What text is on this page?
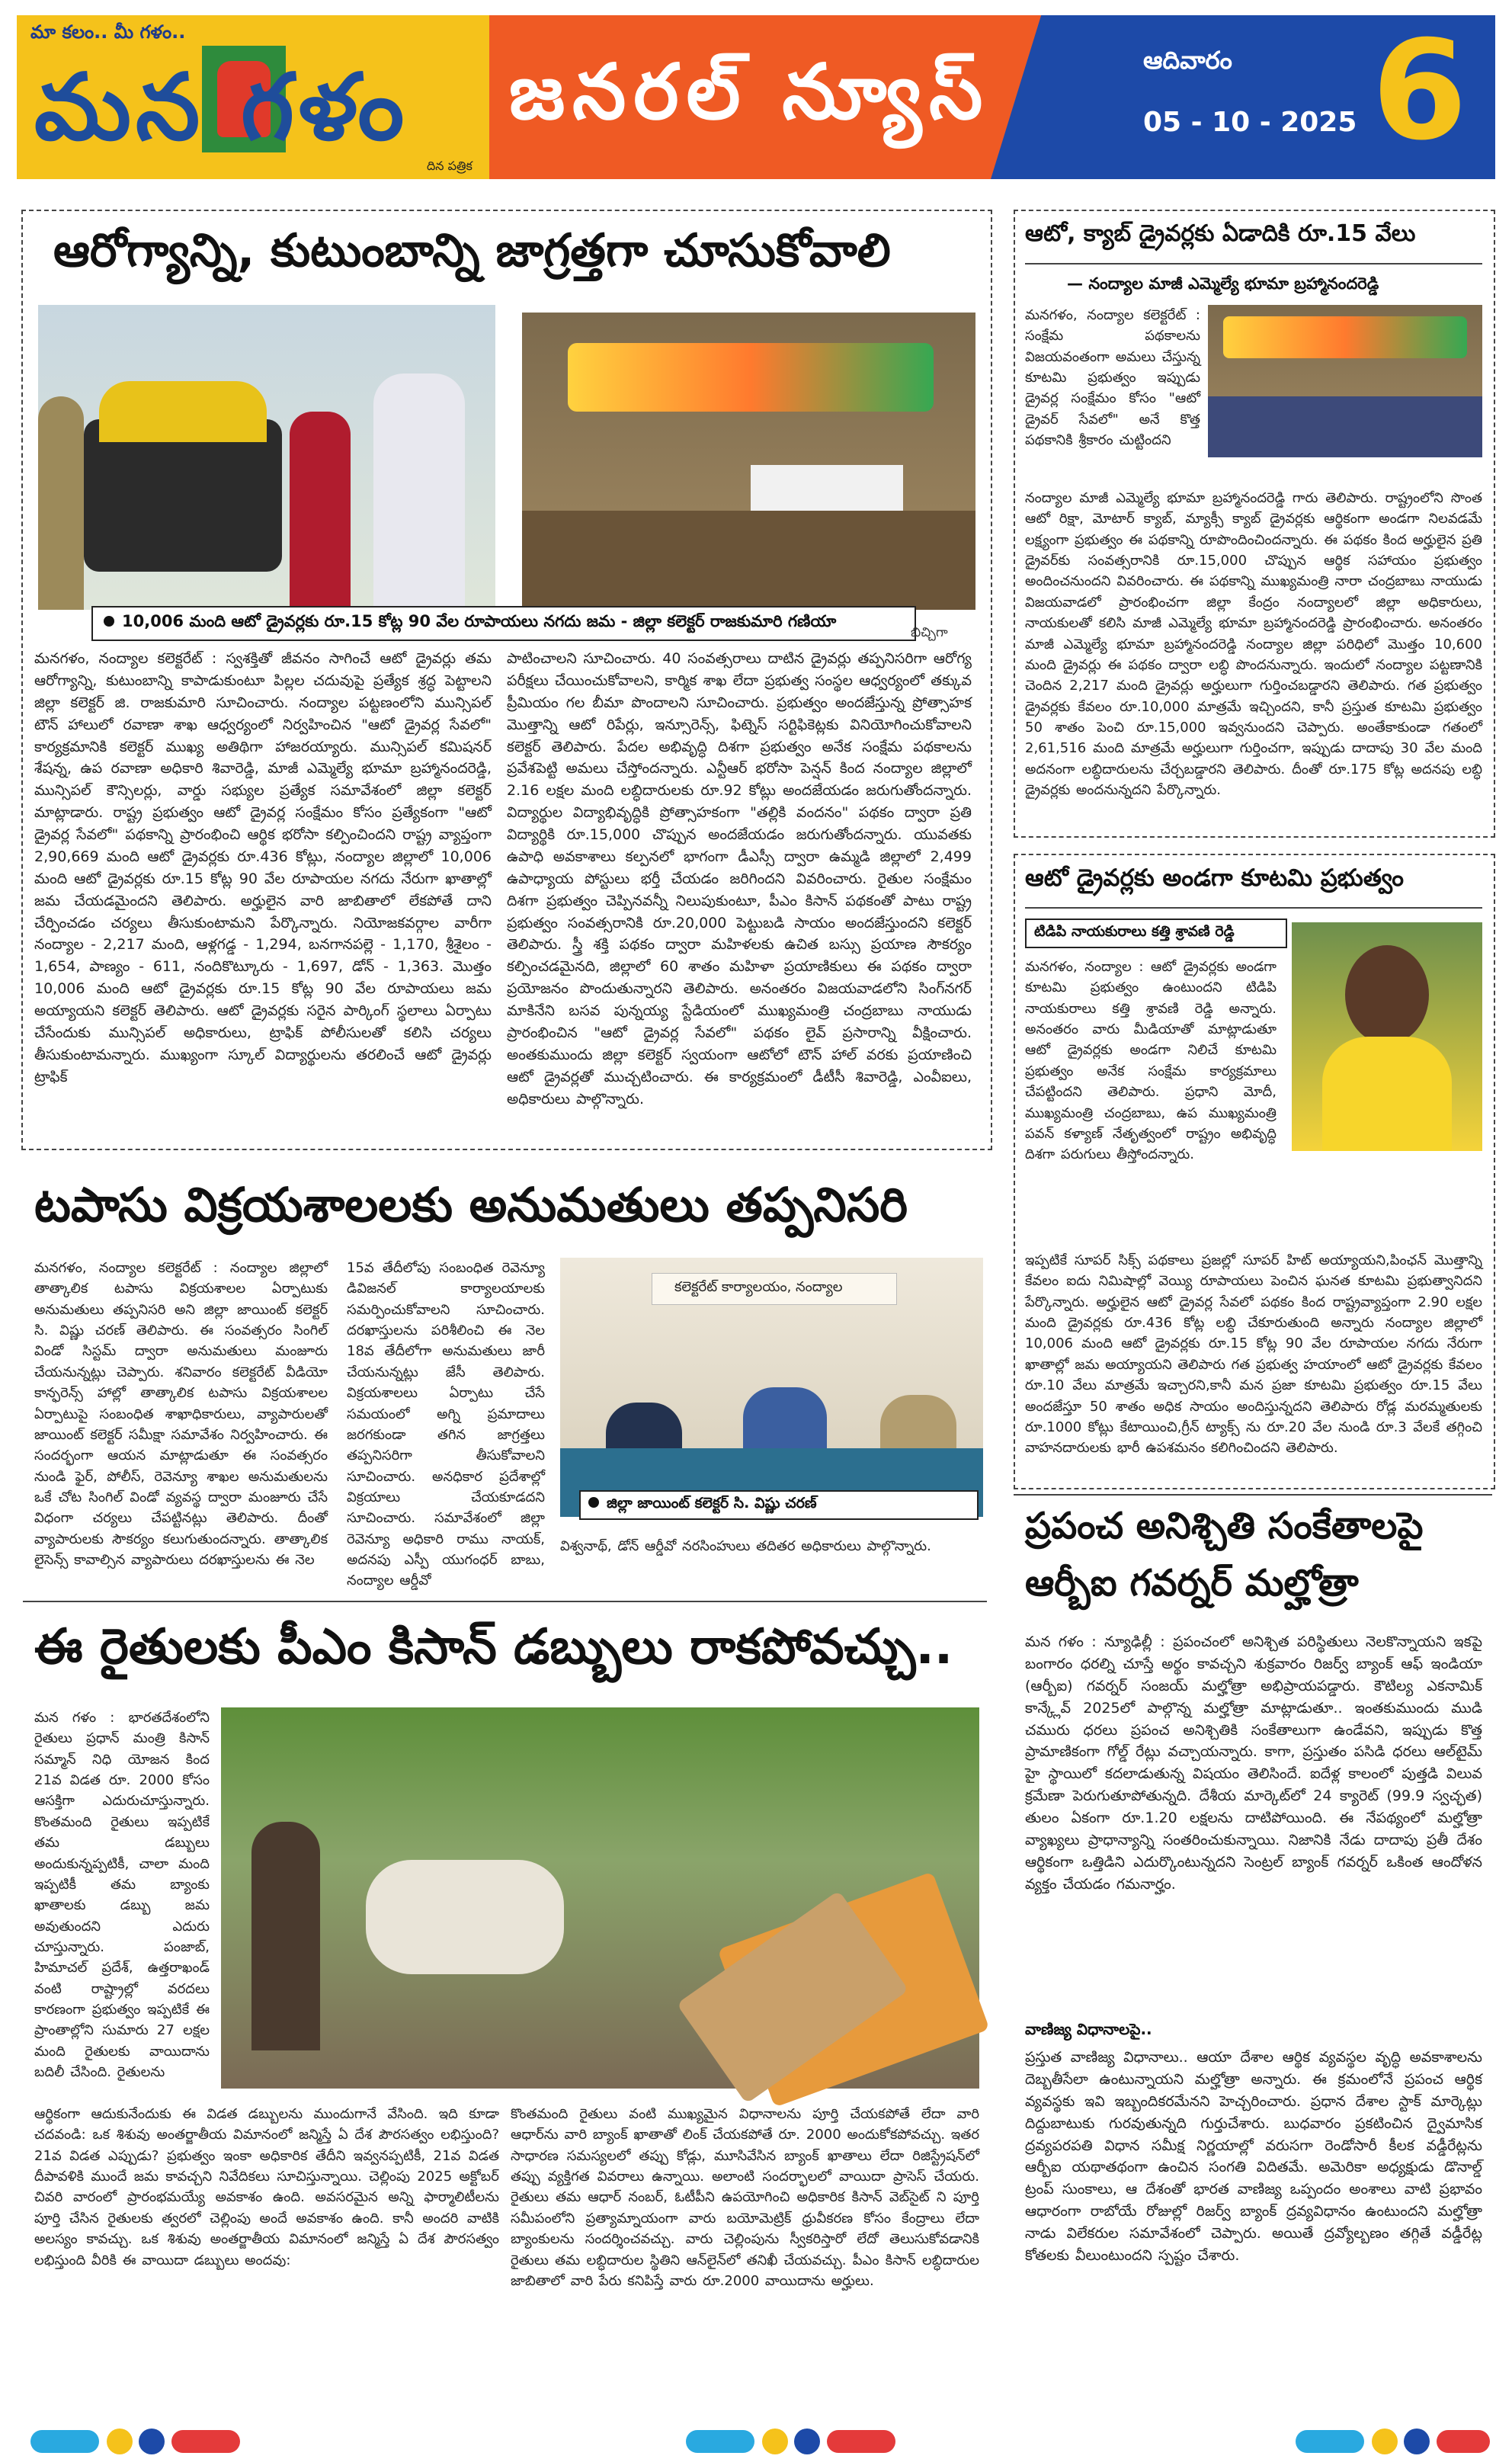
మా కలం.. మీ గళం..
మన గళం
దిన పత్రిక
జనరల్ న్యూస్	ఆదివారం
05 - 10 - 2025 6
ఆరోగ్యాన్ని, కుటుంబాన్ని జాగ్రత్తగా చూసుకోవాలి
10,006 మంది ఆటో డ్రైవర్లకు రూ.15 కోట్ల 90 వేల రూపాయలు నగదు జమ - జిల్లా కలెక్టర్ రాజకుమారి గణియా
బిచ్చిగా
మనగళం, నంద్యాల కలెక్టరేట్ : స్వశక్తితో జీవనం సాగించే ఆటో డ్రైవర్లు తమ ఆరోగ్యాన్ని, కుటుంబాన్ని కాపాడుకుంటూ పిల్లల చదువుపై ప్రత్యేక శ్రద్ధ పెట్టాలని జిల్లా కలెక్టర్ జి. రాజకుమారి సూచించారు. నంద్యాల పట్టణంలోని మున్సిపల్ టౌన్ హాలులో రవాణా శాఖ ఆధ్వర్యంలో నిర్వహించిన "ఆటో డ్రైవర్ల సేవలో" కార్యక్రమానికి కలెక్టర్ ముఖ్య అతిథిగా హాజరయ్యారు. మున్సిపల్ కమిషనర్ శేషన్న, ఉప రవాణా అధికారి శివారెడ్డి, మాజీ ఎమ్మెల్యే భూమా బ్రహ్మానందరెడ్డి, మున్సిపల్ కౌన్సిలర్లు, వార్డు సభ్యుల ప్రత్యేక సమావేశంలో జిల్లా కలెక్టర్ మాట్లాడారు. రాష్ట్ర ప్రభుత్వం ఆటో డ్రైవర్ల సంక్షేమం కోసం ప్రత్యేకంగా "ఆటో డ్రైవర్ల సేవలో" పథకాన్ని ప్రారంభించి ఆర్థిక భరోసా కల్పించిందని రాష్ట్ర వ్యాప్తంగా 2,90,669 మంది ఆటో డ్రైవర్లకు రూ.436 కోట్లు, నంద్యాల జిల్లాలో 10,006 మంది ఆటో డ్రైవర్లకు రూ.15 కోట్ల 90 వేల రూపాయల నగదు నేరుగా ఖాతాల్లో జమ చేయడమైందని తెలిపారు. అర్హులైన వారి జాబితాలో లేకపోతే దాని చేర్పించడం చర్యలు తీసుకుంటామని పేర్కొన్నారు. నియోజకవర్గాల వారీగా నంద్యాల - 2,217 మంది, ఆళ్లగడ్డ - 1,294, బనగానపల్లె - 1,170, శ్రీశైలం - 1,654, పాణ్యం - 611, నందికొట్కూరు - 1,697, డోన్ - 1,363. మొత్తం 10,006 మంది ఆటో డ్రైవర్లకు రూ.15 కోట్ల 90 వేల రూపాయలు జమ అయ్యాయని కలెక్టర్ తెలిపారు. ఆటో డ్రైవర్లకు సరైన పార్కింగ్ స్థలాలు ఏర్పాటు చేసేందుకు మున్సిపల్ అధికారులు, ట్రాఫిక్ పోలీసులతో కలిసి చర్యలు తీసుకుంటామన్నారు. ముఖ్యంగా స్కూల్ విద్యార్థులను తరలించే ఆటో డ్రైవర్లు ట్రాఫిక్
పాటించాలని సూచించారు. 40 సంవత్సరాలు దాటిన డ్రైవర్లు తప్పనిసరిగా ఆరోగ్య పరీక్షలు చేయించుకోవాలని, కార్మిక శాఖ లేదా ప్రభుత్వ సంస్థల ఆధ్వర్యంలో తక్కువ ప్రీమియం గల బీమా పొందాలని సూచించారు. ప్రభుత్వం అందజేస్తున్న ప్రోత్సాహక మొత్తాన్ని ఆటో రిపేర్లు, ఇన్సూరెన్స్, ఫిట్నెస్ సర్టిఫికెట్లకు వినియోగించుకోవాలని కలెక్టర్ తెలిపారు. పేదల అభివృద్ధి దిశగా ప్రభుత్వం అనేక సంక్షేమ పథకాలను ప్రవేశపెట్టి అమలు చేస్తోందన్నారు. ఎన్టీఆర్ భరోసా పెన్షన్ కింద నంద్యాల జిల్లాలో 2.16 లక్షల మంది లబ్ధిదారులకు రూ.92 కోట్లు అందజేయడం జరుగుతోందన్నారు. విద్యార్థుల విద్యాభివృద్ధికి ప్రోత్సాహకంగా "తల్లికి వందనం" పథకం ద్వారా ప్రతి విద్యార్థికి రూ.15,000 చొప్పున అందజేయడం జరుగుతోందన్నారు. యువతకు ఉపాధి అవకాశాలు కల్పనలో భాగంగా డీఎస్సీ ద్వారా ఉమ్మడి జిల్లాలో 2,499 ఉపాధ్యాయ పోస్టులు భర్తీ చేయడం జరిగిందని వివరించారు. రైతుల సంక్షేమం దిశగా ప్రభుత్వం చెప్పినవన్నీ నిలుపుకుంటూ, పీఎం కిసాన్ పథకంతో పాటు రాష్ట్ర ప్రభుత్వం సంవత్సరానికి రూ.20,000 పెట్టుబడి సాయం అందజేస్తుందని కలెక్టర్ తెలిపారు. స్త్రీ శక్తి పథకం ద్వారా మహిళలకు ఉచిత బస్సు ప్రయాణ సౌకర్యం కల్పించడమైనది, జిల్లాలో 60 శాతం మహిళా ప్రయాణికులు ఈ పథకం ద్వారా ప్రయోజనం పొందుతున్నారని తెలిపారు. అనంతరం విజయవాడలోని సింగ్‌నగర్ మాకినేని బసవ పున్నయ్య స్టేడియంలో ముఖ్యమంత్రి చంద్రబాబు నాయుడు ప్రారంభించిన "ఆటో డ్రైవర్ల సేవలో" పథకం లైవ్ ప్రసారాన్ని వీక్షించారు. అంతకుముందు జిల్లా కలెక్టర్ స్వయంగా ఆటోలో టౌన్ హాల్ వరకు ప్రయాణించి ఆటో డ్రైవర్లతో ముచ్చటించారు. ఈ కార్యక్రమంలో డీటీసీ శివారెడ్డి, ఎంవీఐలు, అధికారులు పాల్గొన్నారు.
ఆటో, క్యాబ్ డ్రైవర్లకు ఏడాదికి రూ.15 వేలు
— నంద్యాల మాజీ ఎమ్మెల్యే భూమా బ్రహ్మానందరెడ్డి
మనగళం, నంద్యాల కలెక్టరేట్ : సంక్షేమ పథకాలను విజయవంతంగా అమలు చేస్తున్న కూటమి ప్రభుత్వం ఇప్పుడు డ్రైవర్ల సంక్షేమం కోసం "ఆటో డ్రైవర్ సేవలో" అనే కొత్త పథకానికి శ్రీకారం చుట్టిందని
నంద్యాల మాజీ ఎమ్మెల్యే భూమా బ్రహ్మానందరెడ్డి గారు తెలిపారు. రాష్ట్రంలోని సొంత ఆటో రిక్షా, మోటార్ క్యాబ్, మ్యాక్సీ క్యాబ్ డ్రైవర్లకు ఆర్థికంగా అండగా నిలవడమే లక్ష్యంగా ప్రభుత్వం ఈ పథకాన్ని రూపొందించిందన్నారు. ఈ పథకం కింద అర్హులైన ప్రతి డ్రైవర్‌కు సంవత్సరానికి రూ.15,000 చొప్పున ఆర్థిక సహాయం ప్రభుత్వం అందించనుందని వివరించారు. ఈ పథకాన్ని ముఖ్యమంత్రి నారా చంద్రబాబు నాయుడు విజయవాడలో ప్రారంభించగా జిల్లా కేంద్రం నంద్యాలలో జిల్లా అధికారులు, నాయకులతో కలిసి మాజీ ఎమ్మెల్యే భూమా బ్రహ్మానందరెడ్డి ప్రారంభించారు. అనంతరం మాజీ ఎమ్మెల్యే భూమా బ్రహ్మానందరెడ్డి నంద్యాల జిల్లా పరిధిలో మొత్తం 10,600 మంది డ్రైవర్లు ఈ పథకం ద్వారా లబ్ధి పొందనున్నారు. ఇందులో నంద్యాల పట్టణానికి చెందిన 2,217 మంది డ్రైవర్లు అర్హులుగా గుర్తించబడ్డారని తెలిపారు. గత ప్రభుత్వం డ్రైవర్లకు కేవలం రూ.10,000 మాత్రమే ఇచ్చిందని, కానీ ప్రస్తుత కూటమి ప్రభుత్వం 50 శాతం పెంచి రూ.15,000 ఇవ్వనుందని చెప్పారు. అంతేకాకుండా గతంలో 2,61,516 మంది మాత్రమే అర్హులుగా గుర్తించగా, ఇప్పుడు దాదాపు 30 వేల మంది అదనంగా లబ్ధిదారులను చేర్చబడ్డారని తెలిపారు. దీంతో రూ.175 కోట్ల అదనపు లబ్ధి డ్రైవర్లకు అందనున్నదని పేర్కొన్నారు.
ఆటో డ్రైవర్లకు అండగా కూటమి ప్రభుత్వం
టిడిపి నాయకురాలు కత్తి శ్రావణి రెడ్డి
మనగళం, నంద్యాల : ఆటో డ్రైవర్లకు అండగా కూటమి ప్రభుత్వం ఉంటుందని టిడిపి నాయకురాలు కత్తి శ్రావణి రెడ్డి అన్నారు. అనంతరం వారు మీడియాతో మాట్లాడుతూ ఆటో డ్రైవర్లకు అండగా నిలిచే కూటమి ప్రభుత్వం అనేక సంక్షేమ కార్యక్రమాలు చేపట్టిందని తెలిపారు. ప్రధాని మోదీ, ముఖ్యమంత్రి చంద్రబాబు, ఉప ముఖ్యమంత్రి పవన్ కళ్యాణ్ నేతృత్వంలో రాష్ట్రం అభివృద్ధి దిశగా పరుగులు తీస్తోందన్నారు.
ఇప్పటికే సూపర్ సిక్స్ పథకాలు ప్రజల్లో సూపర్ హిట్ అయ్యాయని,పింఛన్ మొత్తాన్ని కేవలం ఐదు నిమిషాల్లో వెయ్యి రూపాయలు పెంచిన ఘనత కూటమి ప్రభుత్వానిదని పేర్కొన్నారు. అర్హులైన ఆటో డ్రైవర్ల సేవలో పథకం కింద రాష్ట్రవ్యాప్తంగా 2.90 లక్షల మంది డ్రైవర్లకు రూ.436 కోట్ల లబ్ధి చేకూరుతుంది అన్నారు నంద్యాల జిల్లాలో 10,006 మంది ఆటో డ్రైవర్లకు రూ.15 కోట్ల 90 వేల రూపాయల నగదు నేరుగా ఖాతాల్లో జమ అయ్యాయని తెలిపారు గత ప్రభుత్వ హయాంలో ఆటో డ్రైవర్లకు కేవలం రూ.10 వేలు మాత్రమే ఇచ్చారని,కానీ మన ప్రజా కూటమి ప్రభుత్వం రూ.15 వేలు అందజేస్తూ 50 శాతం అధిక సాయం అందిస్తున్నదని తెలిపారు రోడ్ల మరమ్మతులకు రూ.1000 కోట్లు కేటాయించి,గ్రీన్ ట్యాక్స్ ను రూ.20 వేల నుండి రూ.3 వేలకే తగ్గించి వాహనదారులకు భారీ ఉపశమనం కలిగించిందని తెలిపారు.
టపాసు విక్రయశాలలకు అనుమతులు తప్పనిసరి
మనగళం, నంద్యాల కలెక్టరేట్ : నంద్యాల జిల్లాలో తాత్కాలిక టపాసు విక్రయశాలల ఏర్పాటుకు అనుమతులు తప్పనిసరి అని జిల్లా జాయింట్ కలెక్టర్ సి. విష్ణు చరణ్ తెలిపారు. ఈ సంవత్సరం సింగిల్ విండో సిస్టమ్ ద్వారా అనుమతులు మంజూరు చేయనున్నట్లు చెప్పారు. శనివారం కలెక్టరేట్ వీడియో కాన్ఫరెన్స్ హాల్లో తాత్కాలిక టపాసు విక్రయశాలల ఏర్పాటుపై సంబంధిత శాఖాధికారులు, వ్యాపారులతో జాయింట్ కలెక్టర్ సమీక్షా సమావేశం నిర్వహించారు. ఈ సందర్భంగా ఆయన మాట్లాడుతూ ఈ సంవత్సరం నుండి ఫైర్, పోలీస్, రెవెన్యూ శాఖల అనుమతులను ఒకే చోట సింగిల్ విండో వ్యవస్థ ద్వారా మంజూరు చేసే విధంగా చర్యలు చేపట్టినట్లు తెలిపారు. దీంతో వ్యాపారులకు సౌకర్యం కలుగుతుందన్నారు. తాత్కాలిక లైసెన్స్ కావాల్సిన వ్యాపారులు దరఖాస్తులను ఈ నెల
15వ తేదీలోపు సంబంధిత రెవెన్యూ డివిజనల్ కార్యాలయాలకు సమర్పించుకోవాలని సూచించారు. దరఖాస్తులను పరిశీలించి ఈ నెల 18వ తేదీలోగా అనుమతులు జారీ చేయనున్నట్లు జేసీ తెలిపారు. విక్రయశాలలు ఏర్పాటు చేసే సమయంలో అగ్ని ప్రమాదాలు జరగకుండా తగిన జాగ్రత్తలు తప్పనిసరిగా తీసుకోవాలని సూచించారు. అనధికార ప్రదేశాల్లో విక్రయాలు చేయకూడదని సూచించారు. సమావేశంలో జిల్లా రెవెన్యూ అధికారి రాము నాయక్, అదనపు ఎస్పీ యుగంధర్ బాబు, నంద్యాల ఆర్డీవో
కలెక్టరేట్ కార్యాలయం, నంద్యాల
జిల్లా జాయింట్ కలెక్టర్ సి. విష్ణు చరణ్
విశ్వనాథ్, డోన్ ఆర్డీవో నరసింహులు తదితర అధికారులు పాల్గొన్నారు.
ఈ రైతులకు పీఎం కిసాన్ డబ్బులు రాకపోవచ్చు..
మన గళం : భారతదేశంలోని రైతులు ప్రధాన్ మంత్రి కిసాన్ సమ్మాన్ నిధి యోజన కింద 21వ విడత రూ. 2000 కోసం ఆసక్తిగా ఎదురుచూస్తున్నారు. కొంతమంది రైతులు ఇప్పటికే తమ డబ్బులు అందుకున్నప్పటికీ, చాలా మంది ఇప్పటికీ తమ బ్యాంకు ఖాతాలకు డబ్బు జమ అవుతుందని ఎదురు చూస్తున్నారు. పంజాబ్, హిమాచల్ ప్రదేశ్, ఉత్తరాఖండ్ వంటి రాష్ట్రాల్లో వరదలు కారణంగా ప్రభుత్వం ఇప్పటికే ఈ ప్రాంతాల్లోని సుమారు 27 లక్షల మంది రైతులకు వాయిదాను బదిలీ చేసింది. రైతులను
ఆర్థికంగా ఆదుకునేందుకు ఈ విడత డబ్బులను ముందుగానే వేసింది. ఇది కూడా చదవండి: ఒక శిశువు అంతర్జాతీయ విమానంలో జన్మిస్తే ఏ దేశ పౌరసత్వం లభిస్తుంది? 21వ విడత ఎప్పుడు? ప్రభుత్వం ఇంకా అధికారిక తేదీని ఇవ్వనప్పటికీ, 21వ విడత దీపావళికి ముందే జమ కావచ్చని నివేదికలు సూచిస్తున్నాయి. చెల్లింపు 2025 అక్టోబర్ చివరి వారంలో ప్రారంభమయ్యే అవకాశం ఉంది. అవసరమైన అన్ని ఫార్మాలిటీలను పూర్తి చేసిన రైతులకు త్వరలో చెల్లింపు అందే అవకాశం ఉంది. కానీ అందరి వాటికి అలస్యం కావచ్చు. ఒక శిశువు అంతర్జాతీయ విమానంలో జన్మిస్తే ఏ దేశ పౌరసత్వం లభిస్తుంది వీరికి ఈ వాయిదా డబ్బులు అందవు:
కొంతమంది రైతులు వంటి ముఖ్యమైన విధానాలను పూర్తి చేయకపోతే లేదా వారి ఆధార్‌ను వారి బ్యాంక్ ఖాతాతో లింక్ చేయకపోతే రూ. 2000 అందుకోకపోవచ్చు. ఇతర సాధారణ సమస్యలలో తప్పు కోడ్లు, మూసివేసిన బ్యాంక్ ఖాతాలు లేదా రిజిస్ట్రేషన్‌లో తప్పు వ్యక్తిగత వివరాలు ఉన్నాయి. అలాంటి సందర్భాలలో వాయిదా ప్రాసెస్ చేయరు. రైతులు తమ ఆధార్ నంబర్, ఓటీపీని ఉపయోగించి అధికారిక కిసాన్ వెబ్‌సైట్ ని పూర్తి సమీపంలోని ప్రత్యామ్నాయంగా వారు బయోమెట్రిక్ ధ్రువీకరణ కోసం కేంద్రాలు లేదా బ్యాంకులను సందర్శించవచ్చు. వారు చెల్లింపును స్వీకరిస్తారో లేదో తెలుసుకోవడానికి రైతులు తమ లబ్ధిదారుల స్థితిని ఆన్‌లైన్‌లో తనిఖీ చేయవచ్చు. పీఎం కిసాన్ లబ్ధిదారుల జాబితాలో వారి పేరు కనిపిస్తే వారు రూ.2000 వాయిదాను అర్హులు.
ప్రపంచ అనిశ్చితి సంకేతాలపై
ఆర్బీఐ గవర్నర్ మల్హోత్రా
మన గళం : న్యూఢిల్లీ : ప్రపంచంలో అనిశ్చిత పరిస్థితులు నెలకొన్నాయని ఇకపై బంగారం ధరల్ని చూస్తే అర్థం కావచ్చని శుక్రవారం రిజర్వ్ బ్యాంక్ ఆఫ్ ఇండియా (ఆర్బీఐ) గవర్నర్ సంజయ్ మల్హోత్రా అభిప్రాయపడ్డారు. కౌటిల్య ఎకనామిక్ కాన్క్లేవ్ 2025లో పాల్గొన్న మల్హోత్రా మాట్లాడుతూ.. ఇంతకుముందు ముడి చమురు ధరలు ప్రపంచ అనిశ్చితికి సంకేతాలుగా ఉండేవని, ఇప్పుడు కొత్త ప్రామాణికంగా గోల్డ్ రేట్లు వచ్చాయన్నారు. కాగా, ప్రస్తుతం పసిడి ధరలు ఆల్‌టైమ్ హై స్థాయిలో కదలాడుతున్న విషయం తెలిసిందే. ఐదేళ్ల కాలంలో పుత్తడి విలువ క్రమేణా పెరుగుతూపోతున్నది. దేశీయ మార్కెట్‌లో 24 క్యారెట్ (99.9 స్వచ్ఛత) తులం ఏకంగా రూ.1.20 లక్షలను దాటిపోయింది. ఈ నేపథ్యంలో మల్హోత్రా వ్యాఖ్యలు ప్రాధాన్యాన్ని సంతరించుకున్నాయి. నిజానికి నేడు దాదాపు ప్రతీ దేశం ఆర్థికంగా ఒత్తిడిని ఎదుర్కొంటున్నదని సెంట్రల్ బ్యాంక్ గవర్నర్ ఒకింత ఆందోళన వ్యక్తం చేయడం గమనార్హం.
వాణిజ్య విధానాలపై..
ప్రస్తుత వాణిజ్య విధానాలు.. ఆయా దేశాల ఆర్థిక వ్యవస్థల వృద్ధి అవకాశాలను దెబ్బతీసేలా ఉంటున్నాయని మల్హోత్రా అన్నారు. ఈ క్రమంలోనే ప్రపంచ ఆర్థిక వ్యవస్థకు ఇవి ఇబ్బందికరమేనని హెచ్చరించారు. ప్రధాన దేశాల స్టాక్ మార్కెట్లు దిద్దుబాటుకు గురవుతున్నది గుర్తుచేశారు. బుధవారం ప్రకటించిన ద్వైమాసిక ద్రవ్యపరపతి విధాన సమీక్ష నిర్ణయాల్లో వరుసగా రెండోసారీ కీలక వడ్డీరేట్లను ఆర్బీఐ యథాతథంగా ఉంచిన సంగతి విదితమే. అమెరికా అధ్యక్షుడు డొనాల్డ్ ట్రంప్ సుంకాలు, ఆ దేశంతో భారత వాణిజ్య ఒప్పందం అంశాలు వాటి ప్రభావం ఆధారంగా రాబోయే రోజుల్లో రిజర్వ్ బ్యాంక్ ద్రవ్యవిధానం ఉంటుందని మల్హోత్రా నాడు విలేకరుల సమావేశంలో చెప్పారు. అయితే ద్రవ్యోల్బణం తగ్గితే వడ్డీరేట్ల కోతలకు వీలుంటుందని స్పష్టం చేశారు.
